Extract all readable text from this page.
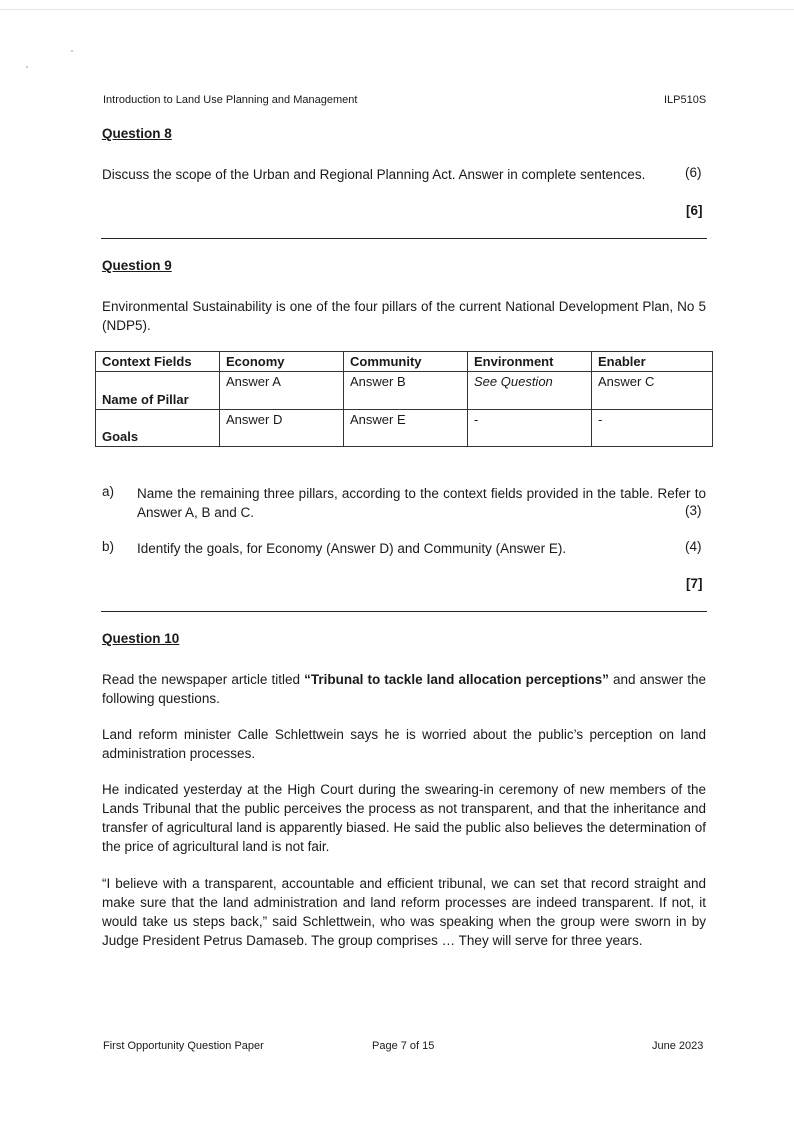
Introduction to Land Use Planning and Management	ILP510S
Question 8
Discuss the scope of the Urban and Regional Planning Act. Answer in complete sentences.	(6)
[6]
Question 9
Environmental Sustainability is one of the four pillars of the current National Development Plan, No 5 (NDP5).
Context Fields	Economy	Community	Environment	Enabler
Name of Pillar	Answer A	Answer B	See Question	Answer C
Goals	Answer D	Answer E	-	-
a) Name the remaining three pillars, according to the context fields provided in the table. Refer to Answer A, B and C.	(3)
b) Identify the goals, for Economy (Answer D) and Community (Answer E).	(4)
[7]
Question 10
Read the newspaper article titled “Tribunal to tackle land allocation perceptions” and answer the following questions.
Land reform minister Calle Schlettwein says he is worried about the public’s perception on land administration processes.
He indicated yesterday at the High Court during the swearing-in ceremony of new members of the Lands Tribunal that the public perceives the process as not transparent, and that the inheritance and transfer of agricultural land is apparently biased. He said the public also believes the determination of the price of agricultural land is not fair.
“I believe with a transparent, accountable and efficient tribunal, we can set that record straight and make sure that the land administration and land reform processes are indeed transparent. If not, it would take us steps back,” said Schlettwein, who was speaking when the group were sworn in by Judge President Petrus Damaseb. The group comprises … They will serve for three years.
First Opportunity Question Paper	Page 7 of 15	June 2023
